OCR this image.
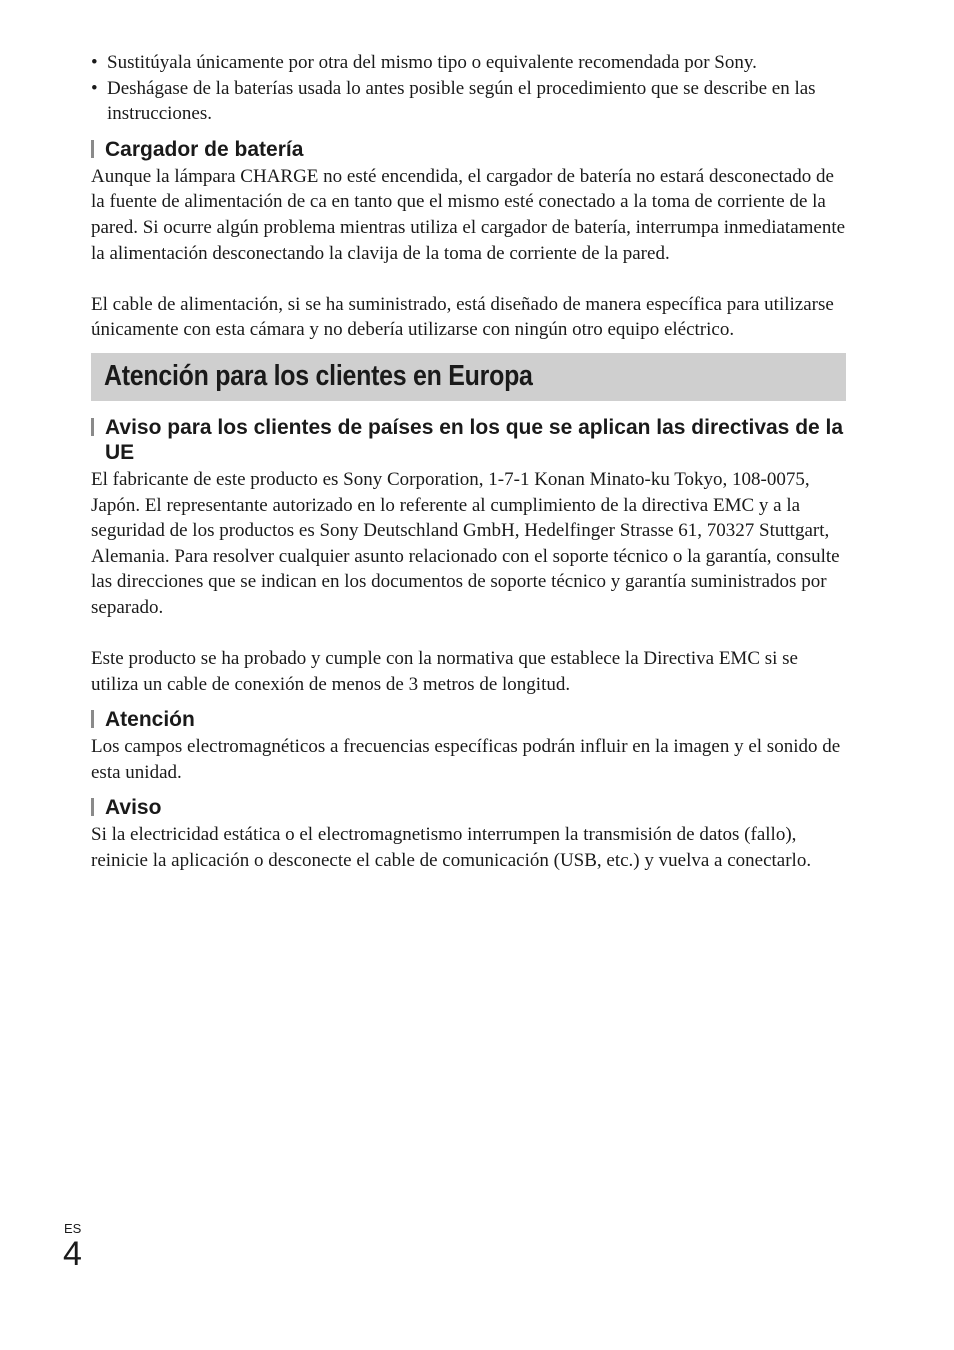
• Sustitúyala únicamente por otra del mismo tipo o equivalente recomendada por Sony.
• Deshágase de la baterías usada lo antes posible según el procedimiento que se describe en las instrucciones.
Cargador de batería

Aunque la lámpara CHARGE no esté encendida, el cargador de batería no estará desconectado de la fuente de alimentación de ca en tanto que el mismo esté conectado a la toma de corriente de la pared. Si ocurre algún problema mientras utiliza el cargador de batería, interrumpa inmediatamente la alimentación desconectando la clavija de la toma de corriente de la pared.

El cable de alimentación, si se ha suministrado, está diseñado de manera específica para utilizarse únicamente con esta cámara y no debería utilizarse con ningún otro equipo eléctrico.

Atención para los clientes en Europa
Aviso para los clientes de países en los que se aplican las directivas de la UE

El fabricante de este producto es Sony Corporation, 1-7-1 Konan Minato-ku Tokyo, 108-0075, Japón. El representante autorizado en lo referente al cumplimiento de la directiva EMC y a la seguridad de los productos es Sony Deutschland GmbH, Hedelfinger Strasse 61, 70327 Stuttgart, Alemania. Para resolver cualquier asunto relacionado con el soporte técnico o la garantía, consulte las direcciones que se indican en los documentos de soporte técnico y garantía suministrados por separado.

Este producto se ha probado y cumple con la normativa que establece la Directiva EMC si se utiliza un cable de conexión de menos de 3 metros de longitud.

Atención

Los campos electromagnéticos a frecuencias específicas podrán influir en la imagen y el sonido de esta unidad.

Aviso

Si la electricidad estática o el electromagnetismo interrumpen la transmisión de datos (fallo), reinicie la aplicación o desconecte el cable de comunicación (USB, etc.) y vuelva a conectarlo.

ES
4
